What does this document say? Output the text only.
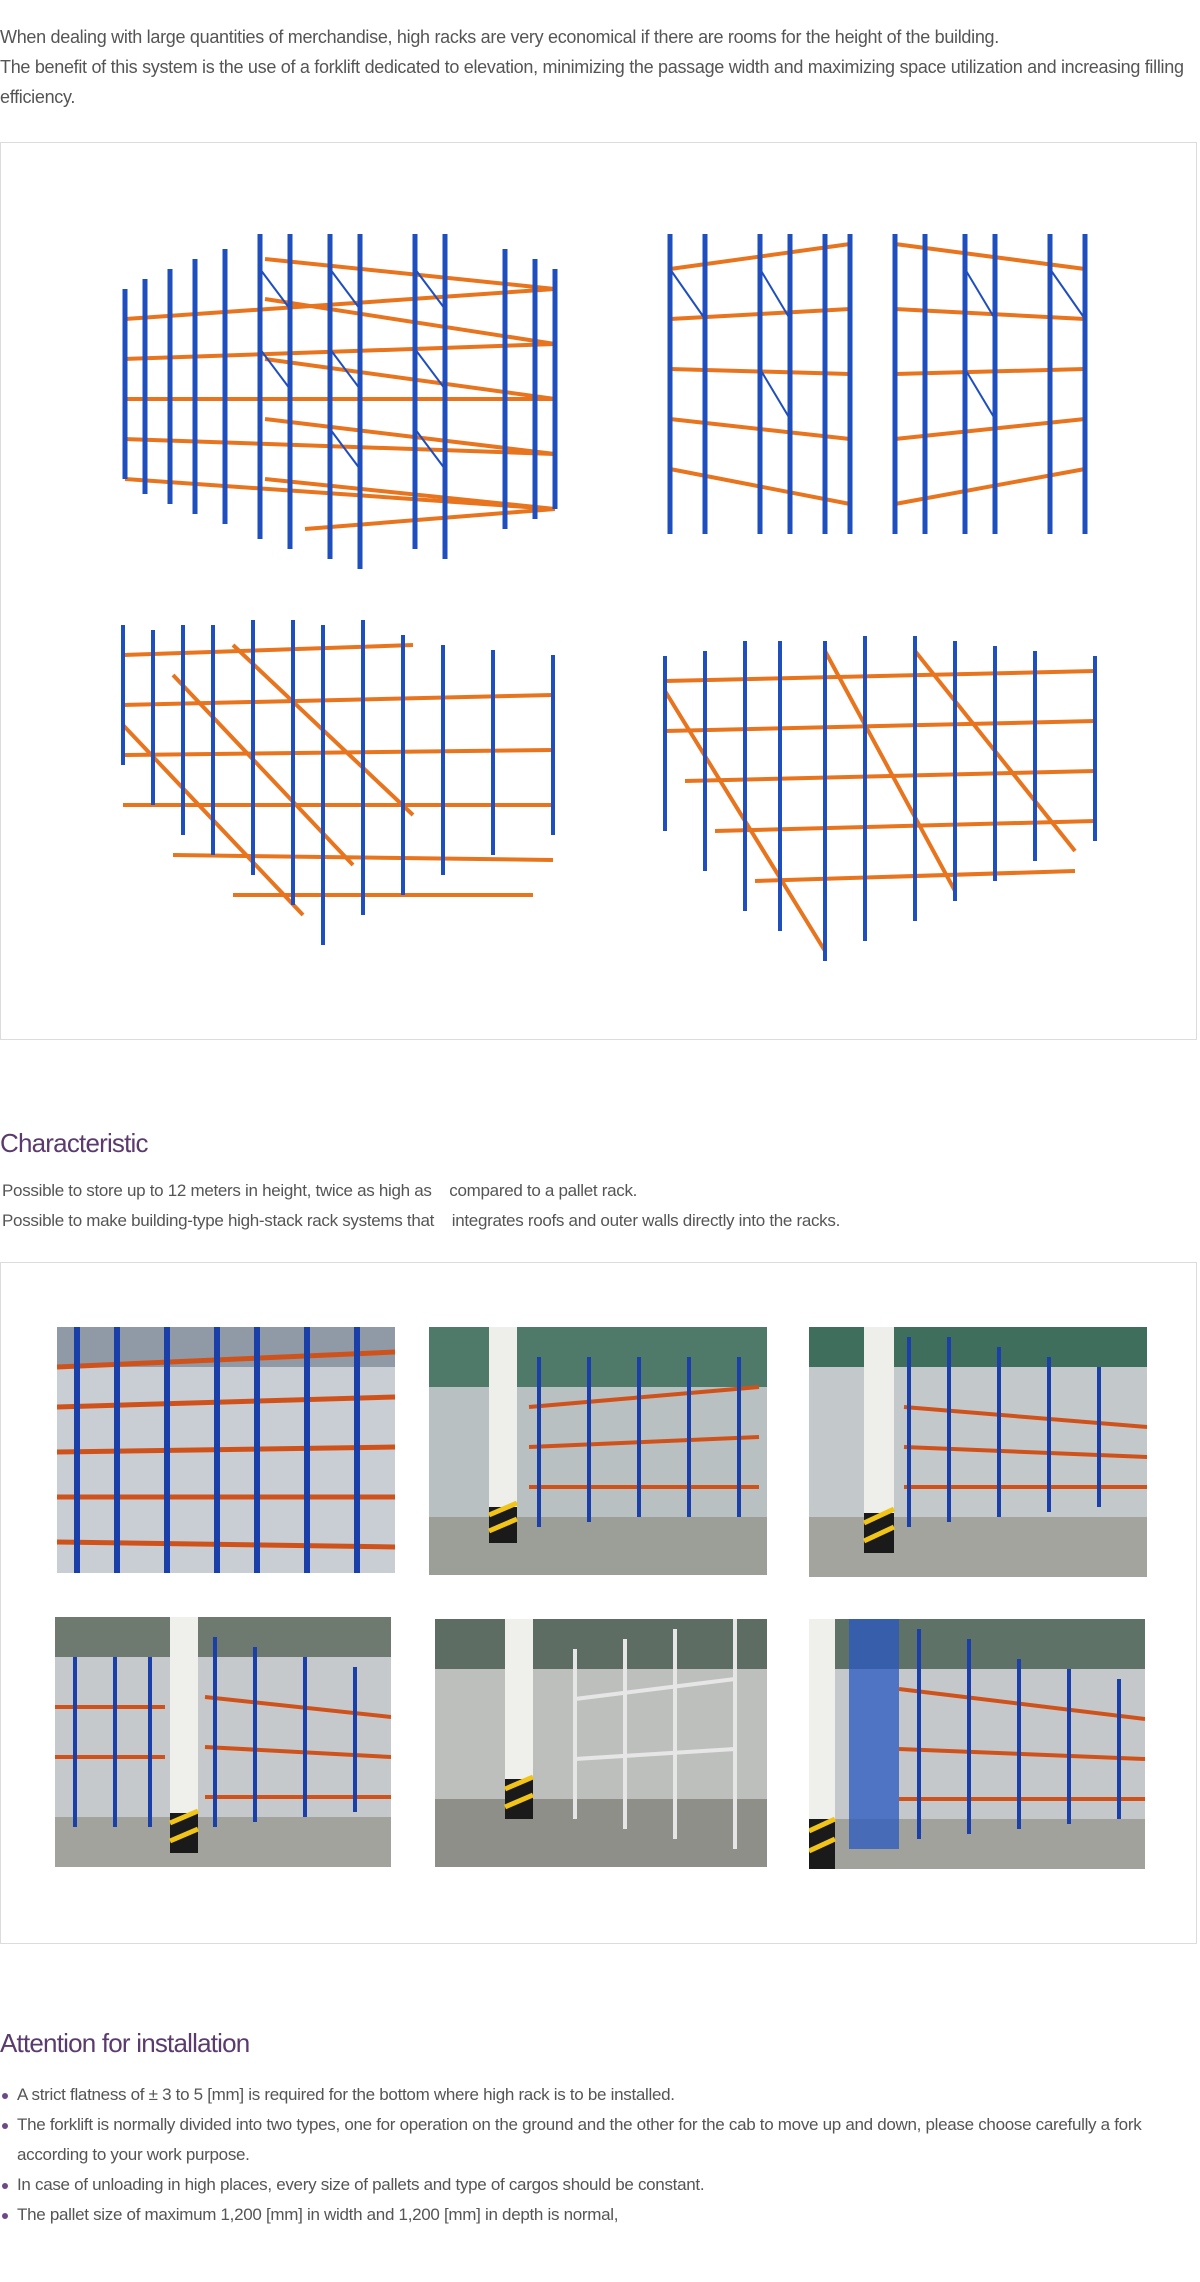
When dealing with large quantities of merchandise, high racks are very economical if there are rooms for the height of the building.

The benefit of this system is the use of a forklift dedicated to elevation, minimizing the passage width and maximizing space utilization and increasing filling efficiency.

Characteristic

Possible to store up to 12 meters in height, twice as high as    compared to a pallet rack.

Possible to make building-type high-stack rack systems that    integrates roofs and outer walls directly into the racks.

Attention for installation
A strict flatness of ± 3 to 5 [mm] is required for the bottom where high rack is to be installed.
The forklift is normally divided into two types, one for operation on the ground and the other for the cab to move up and down, please choose carefully a fork according to your work purpose.
In case of unloading in high places, every size of pallets and type of cargos should be constant.
The pallet size of maximum 1,200 [mm] in width and 1,200 [mm] in depth is normal,
